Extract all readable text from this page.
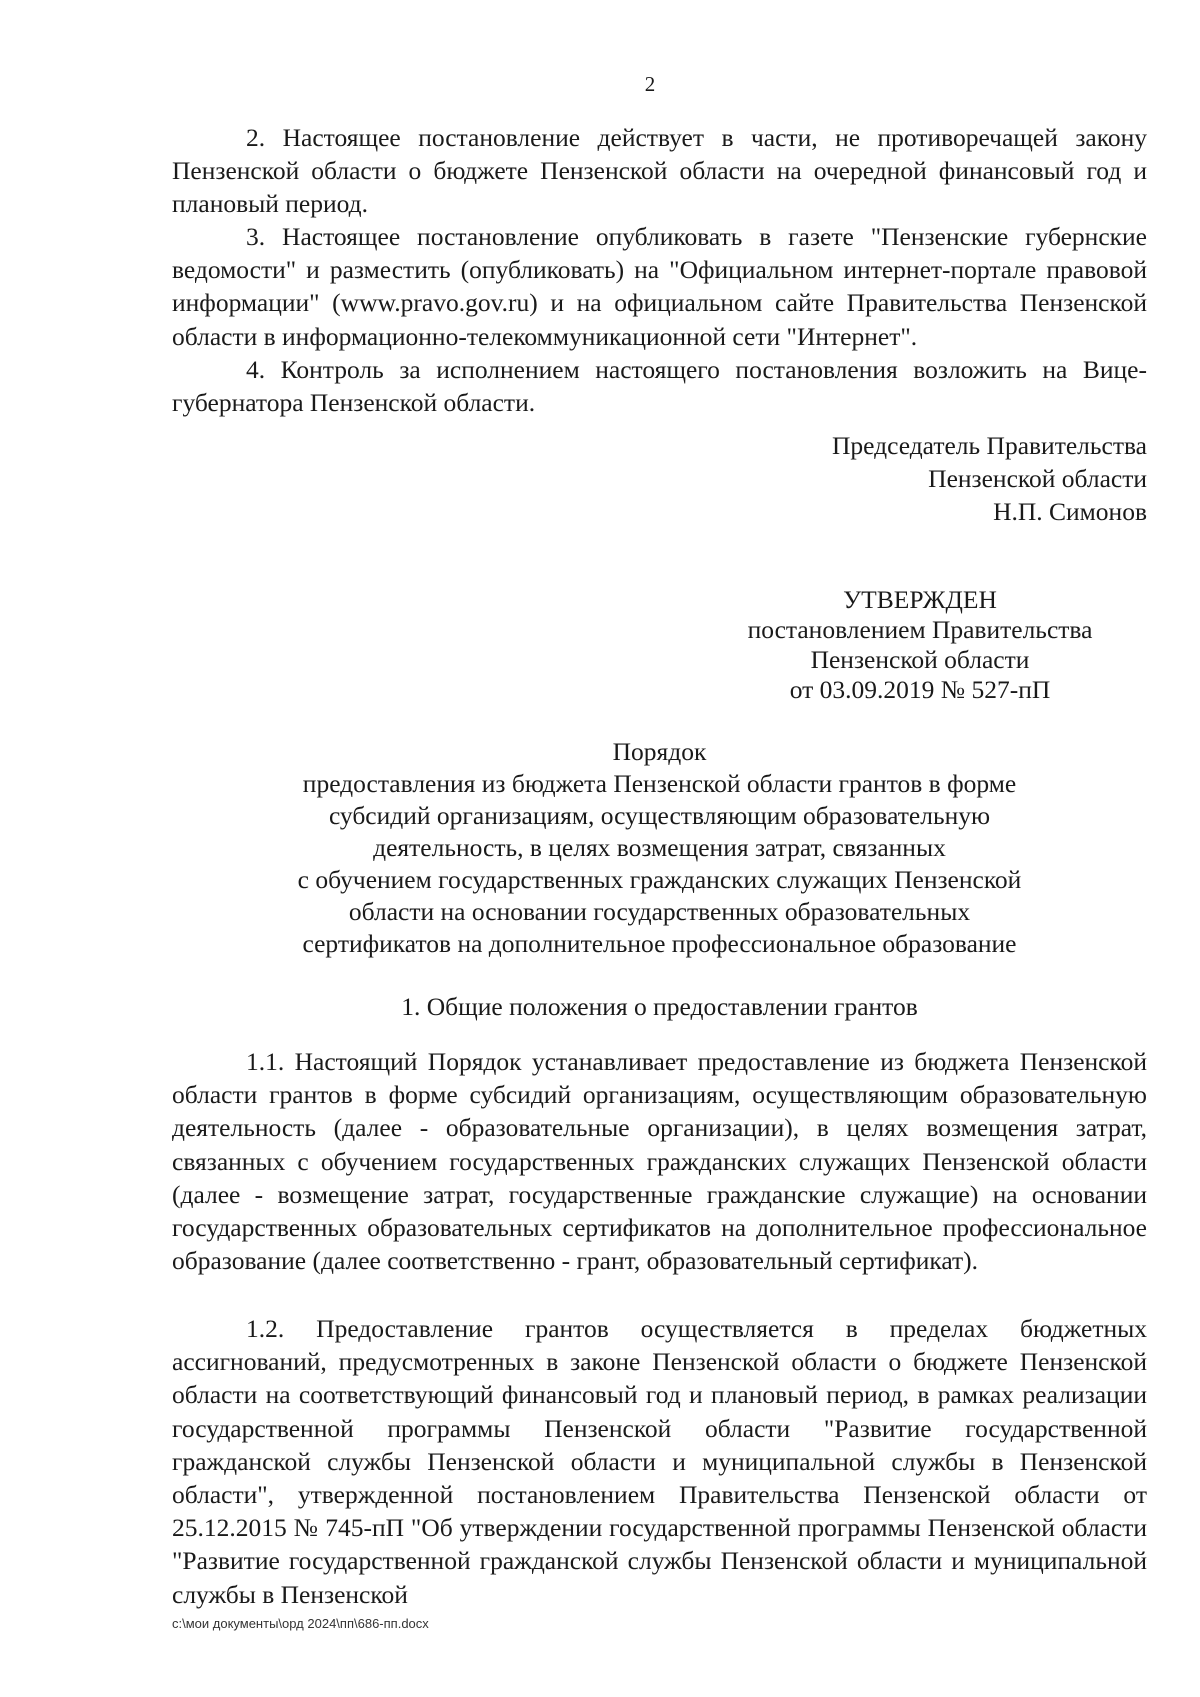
2

2. Настоящее постановление действует в части, не противоречащей закону Пензенской области о бюджете Пензенской области на очередной финансовый год и плановый период.

3. Настоящее постановление опубликовать в газете "Пензенские губернские ведомости" и разместить (опубликовать) на "Официальном интернет-портале правовой информации" (www.pravo.gov.ru) и на официальном сайте Правительства Пензенской области в информационно-телекоммуникационной сети "Интернет".

4. Контроль за исполнением настоящего постановления возложить на Вице-губернатора Пензенской области.

Председатель Правительства
Пензенской области
Н.П. Симонов
УТВЕРЖДЕН
постановлением Правительства
Пензенской области
от 03.09.2019 № 527-пП
Порядок
предоставления из бюджета Пензенской области грантов в форме
субсидий организациям, осуществляющим образовательную
деятельность, в целях возмещения затрат, связанных
с обучением государственных гражданских служащих Пензенской
области на основании государственных образовательных
сертификатов на дополнительное профессиональное образование
1. Общие положения о предоставлении грантов

1.1. Настоящий Порядок устанавливает предоставление из бюджета Пензенской области грантов в форме субсидий организациям, осуществляющим образовательную деятельность (далее - образовательные организации), в целях возмещения затрат, связанных с обучением государственных гражданских служащих Пензенской области (далее - возмещение затрат, государственные гражданские служащие) на основании государственных образовательных сертификатов на дополнительное профессиональное образование (далее соответственно - грант, образовательный сертификат).

1.2. Предоставление грантов осуществляется в пределах бюджетных ассигнований, предусмотренных в законе Пензенской области о бюджете Пензенской области на соответствующий финансовый год и плановый период, в рамках реализации государственной программы Пензенской области "Развитие государственной гражданской службы Пензенской области и муниципальной службы в Пензенской области", утвержденной постановлением Правительства Пензенской области от 25.12.2015 № 745-пП "Об утверждении государственной программы Пензенской области "Развитие государственной гражданской службы Пензенской области и муниципальной службы в Пензенской

c:\мои документы\орд 2024\пп\686-пп.docx
